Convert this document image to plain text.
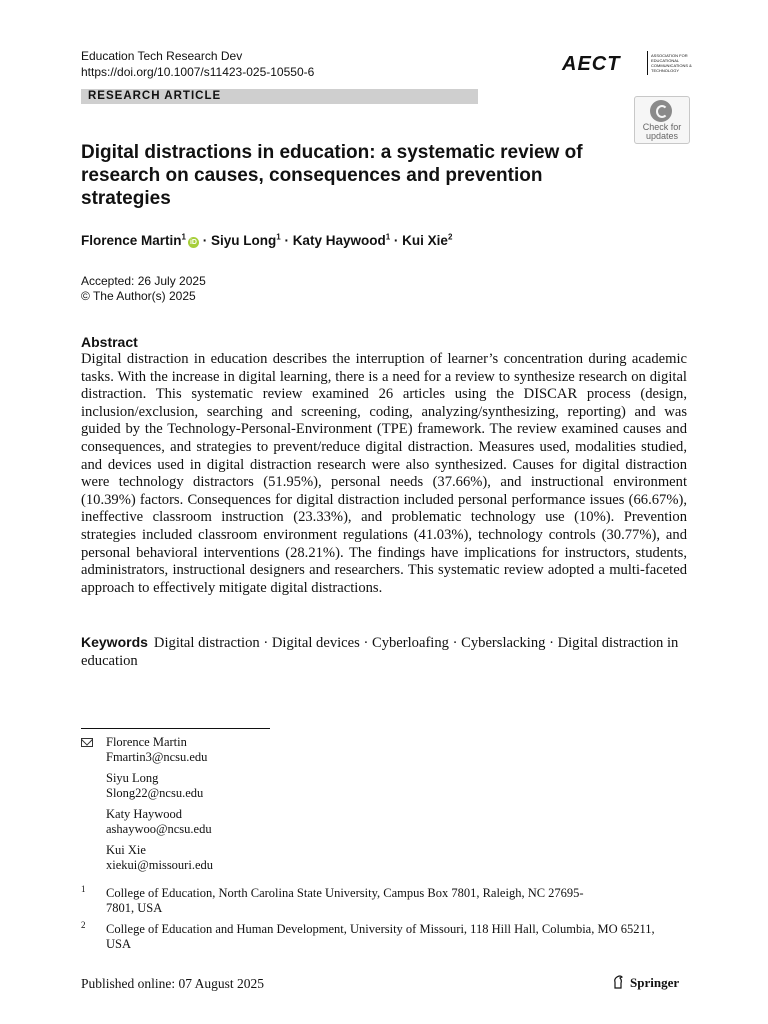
Education Tech Research Dev
https://doi.org/10.1007/s11423-025-10550-6	AECT	ASSOCIATION FOR EDUCATIONAL COMMUNICATIONS & TECHNOLOGY
RESEARCH ARTICLE
Check for updates
Digital distractions in education: a systematic review of research on causes, consequences and prevention strategies
Florence Martin$^1$iD · Siyu Long$^1$ · Katy Haywood$^1$ · Kui Xie$^2$
Accepted: 26 July 2025
© The Author(s) 2025
Abstract

Digital distraction in education describes the interruption of learner’s concentration during academic tasks. With the increase in digital learning, there is a need for a review to synthesize research on digital distraction. This systematic review examined 26 articles using the DISCAR process (design, inclusion/exclusion, searching and screening, coding, analyzing/synthesizing, reporting) and was guided by the Technology-Personal-Environment (TPE) framework. The review examined causes and consequences, and strategies to prevent/reduce digital distraction. Measures used, modalities studied, and devices used in digital distraction research were also synthesized. Causes for digital distraction were technology distractors (51.95%), personal needs (37.66%), and instructional environment (10.39%) factors. Consequences for digital distraction included personal performance issues (66.67%), ineffective classroom instruction (23.33%), and problematic technology use (10%). Prevention strategies included classroom environment regulations (41.03%), technology controls (30.77%), and personal behavioral interventions (28.21%). The findings have implications for instructors, students, administrators, instructional designers and researchers. This systematic review adopted a multi-faceted approach to effectively mitigate digital distractions.

Keywords Digital distraction · Digital devices · Cyberloafing · Cyberslacking · Digital distraction in education
Florence Martin
Fmartin3@ncsu.edu
Siyu Long
Slong22@ncsu.edu
Katy Haywood
ashaywoo@ncsu.edu
Kui Xie
xiekui@missouri.edu
1 College of Education, North Carolina State University, Campus Box 7801, Raleigh, NC 27695-7801, USA
2 College of Education and Human Development, University of Missouri, 118 Hill Hall, Columbia, MO 65211, USA
Published online: 07 August 2025	Springer
